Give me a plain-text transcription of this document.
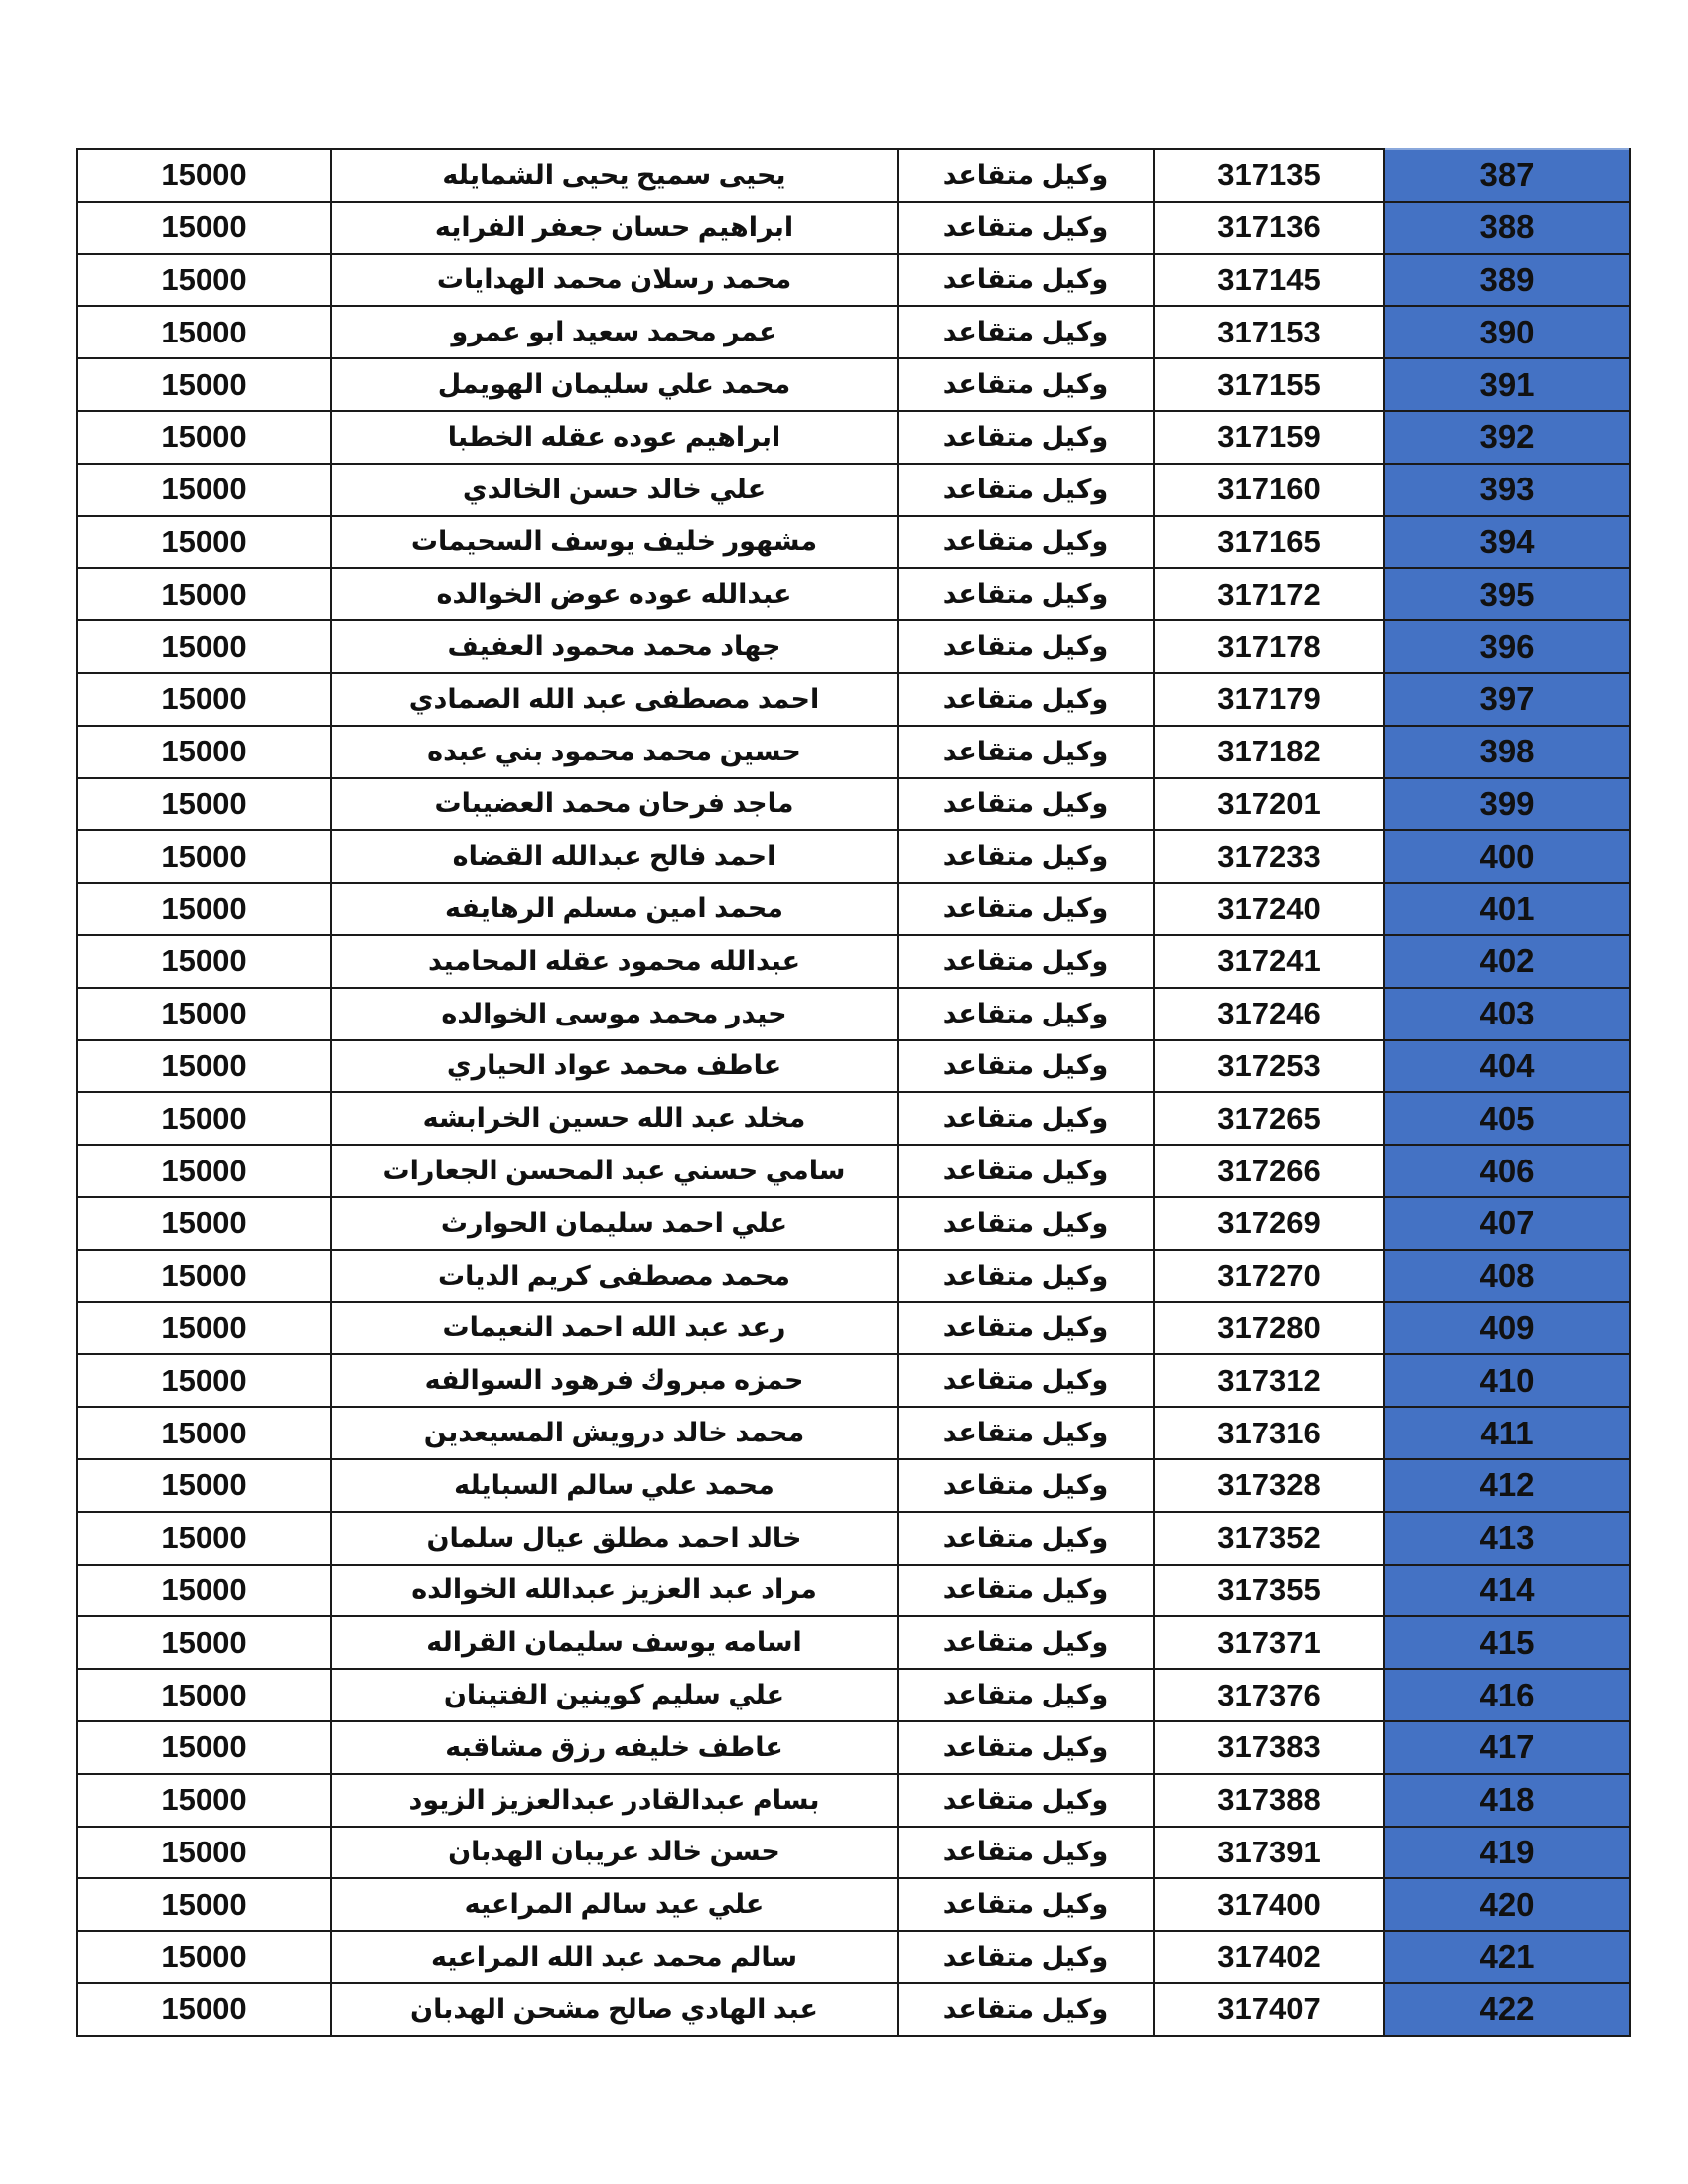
15000	يحيى سميح يحيى الشمايله	وكيل متقاعد	317135	387
15000	ابراهيم حسان جعفر الفرايه	وكيل متقاعد	317136	388
15000	محمد رسلان محمد الهدايات	وكيل متقاعد	317145	389
15000	عمر محمد سعيد ابو عمرو	وكيل متقاعد	317153	390
15000	محمد علي سليمان الهويمل	وكيل متقاعد	317155	391
15000	ابراهيم عوده عقله الخطبا	وكيل متقاعد	317159	392
15000	علي خالد حسن الخالدي	وكيل متقاعد	317160	393
15000	مشهور خليف يوسف السحيمات	وكيل متقاعد	317165	394
15000	عبدالله عوده عوض الخوالده	وكيل متقاعد	317172	395
15000	جهاد محمد محمود العفيف	وكيل متقاعد	317178	396
15000	احمد مصطفى عبد الله الصمادي	وكيل متقاعد	317179	397
15000	حسين محمد محمود بني عبده	وكيل متقاعد	317182	398
15000	ماجد فرحان محمد العضيبات	وكيل متقاعد	317201	399
15000	احمد فالح عبدالله القضاه	وكيل متقاعد	317233	400
15000	محمد امين مسلم الرهايفه	وكيل متقاعد	317240	401
15000	عبدالله محمود عقله المحاميد	وكيل متقاعد	317241	402
15000	حيدر محمد موسى الخوالده	وكيل متقاعد	317246	403
15000	عاطف محمد عواد الحياري	وكيل متقاعد	317253	404
15000	مخلد عبد الله حسين الخرابشه	وكيل متقاعد	317265	405
15000	سامي حسني عبد المحسن الجعارات	وكيل متقاعد	317266	406
15000	علي احمد سليمان الحوارث	وكيل متقاعد	317269	407
15000	محمد مصطفى كريم الديات	وكيل متقاعد	317270	408
15000	رعد عبد الله احمد النعيمات	وكيل متقاعد	317280	409
15000	حمزه مبروك فرهود السوالفه	وكيل متقاعد	317312	410
15000	محمد خالد درويش المسيعدين	وكيل متقاعد	317316	411
15000	محمد علي سالم السبايله	وكيل متقاعد	317328	412
15000	خالد احمد مطلق عيال سلمان	وكيل متقاعد	317352	413
15000	مراد عبد العزيز عبدالله الخوالده	وكيل متقاعد	317355	414
15000	اسامه يوسف سليمان القراله	وكيل متقاعد	317371	415
15000	علي سليم كوينين الفتينان	وكيل متقاعد	317376	416
15000	عاطف خليفه رزق مشاقبه	وكيل متقاعد	317383	417
15000	بسام عبدالقادر عبدالعزيز الزيود	وكيل متقاعد	317388	418
15000	حسن خالد عريبان الهدبان	وكيل متقاعد	317391	419
15000	علي عيد سالم المراعيه	وكيل متقاعد	317400	420
15000	سالم محمد عبد الله المراعيه	وكيل متقاعد	317402	421
15000	عبد الهادي صالح مشحن الهدبان	وكيل متقاعد	317407	422
